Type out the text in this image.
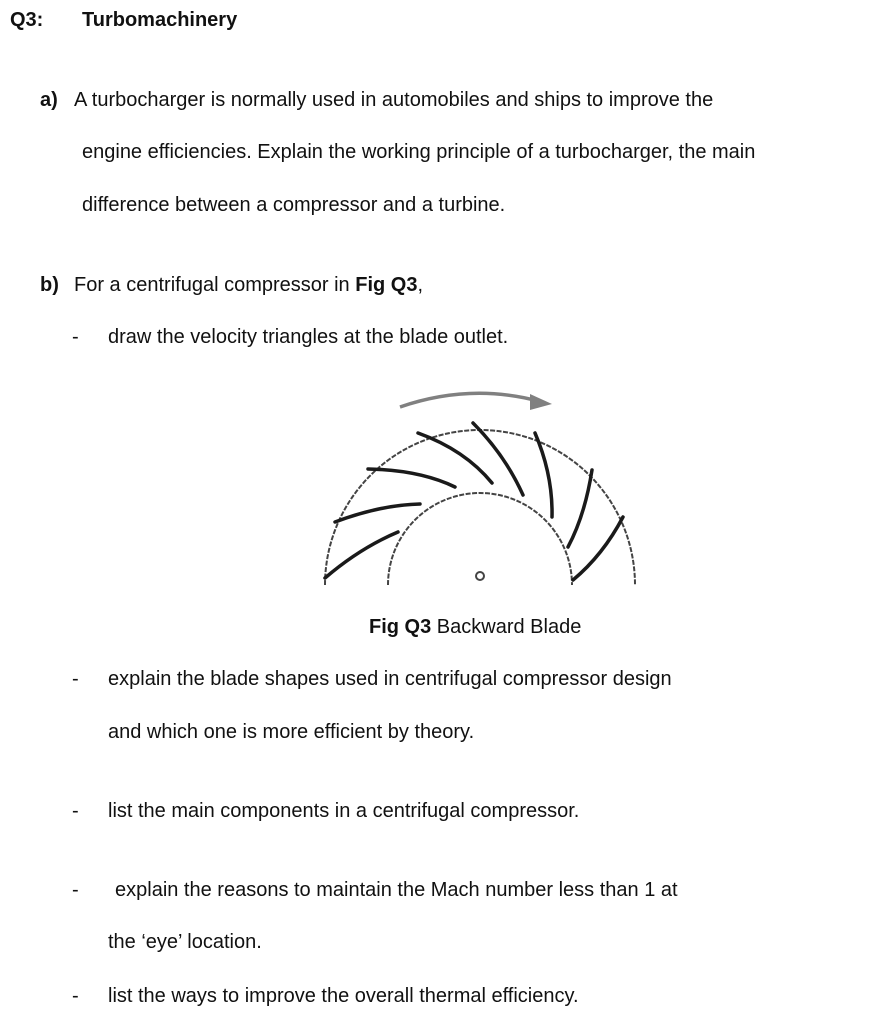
Q3: Turbomachinery
a) A turbocharger is normally used in automobiles and ships to improve the
engine efficiencies. Explain the working principle of a turbocharger, the main
difference between a compressor and a turbine.
b) For a centrifugal compressor in Fig Q3,
- draw the velocity triangles at the blade outlet.
Fig Q3 Backward Blade
- explain the blade shapes used in centrifugal compressor design
and which one is more efficient by theory.
- list the main components in a centrifugal compressor.
- explain the reasons to maintain the Mach number less than 1 at
the ‘eye’ location.
- list the ways to improve the overall thermal efficiency.
